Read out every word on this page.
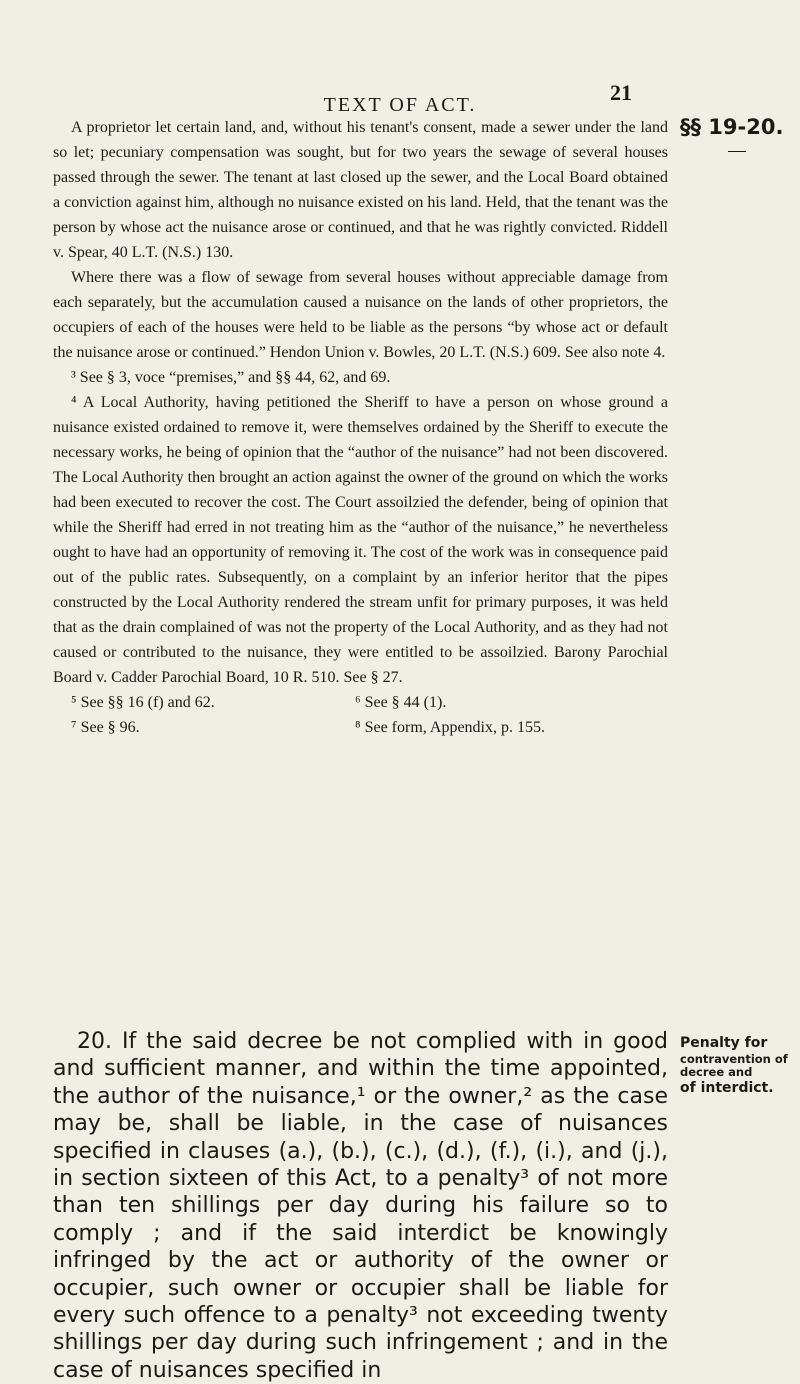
TEXT OF ACT.	21
§§ 19-20.

A proprietor let certain land, and, without his tenant's consent, made a sewer under the land so let; pecuniary compensation was sought, but for two years the sewage of several houses passed through the sewer. The tenant at last closed up the sewer, and the Local Board obtained a conviction against him, although no nuisance existed on his land. Held, that the tenant was the person by whose act the nuisance arose or continued, and that he was rightly convicted. Riddell v. Spear, 40 L.T. (N.S.) 130.

Where there was a flow of sewage from several houses without appreciable damage from each separately, but the accumulation caused a nuisance on the lands of other proprietors, the occupiers of each of the houses were held to be liable as the persons “by whose act or default the nuisance arose or continued.” Hendon Union v. Bowles, 20 L.T. (N.S.) 609. See also note 4.

³ See § 3, voce “premises,” and §§ 44, 62, and 69.

⁴ A Local Authority, having petitioned the Sheriff to have a person on whose ground a nuisance existed ordained to remove it, were themselves ordained by the Sheriff to execute the necessary works, he being of opinion that the “author of the nuisance” had not been discovered. The Local Authority then brought an action against the owner of the ground on which the works had been executed to recover the cost. The Court assoilzied the defender, being of opinion that while the Sheriff had erred in not treating him as the “author of the nuisance,” he nevertheless ought to have had an opportunity of removing it. The cost of the work was in consequence paid out of the public rates. Subsequently, on a complaint by an inferior heritor that the pipes constructed by the Local Authority rendered the stream unfit for primary purposes, it was held that as the drain complained of was not the property of the Local Authority, and as they had not caused or contributed to the nuisance, they were entitled to be assoilzied. Barony Parochial Board v. Cadder Parochial Board, 10 R. 510. See § 27.

⁵ See §§ 16 (f) and 62.	⁶ See § 44 (1).
⁷ See § 96.	⁸ See form, Appendix, p. 155.

20. If the said decree be not complied with in good and sufficient manner, and within the time appointed, the author of the nuisance,¹ or the owner,² as the case may be, shall be liable, in the case of nuisances specified in clauses (a.), (b.), (c.), (d.), (f.), (i.), and (j.), in section sixteen of this Act, to a penalty³ of not more than ten shillings per day during his failure so to comply ; and if the said interdict be knowingly infringed by the act or authority of the owner or occupier, such owner or occupier shall be liable for every such offence to a penalty³ not exceeding twenty shillings per day during such infringement ; and in the case of nuisances specified in

Penalty for
contravention of decree and
of interdict.
